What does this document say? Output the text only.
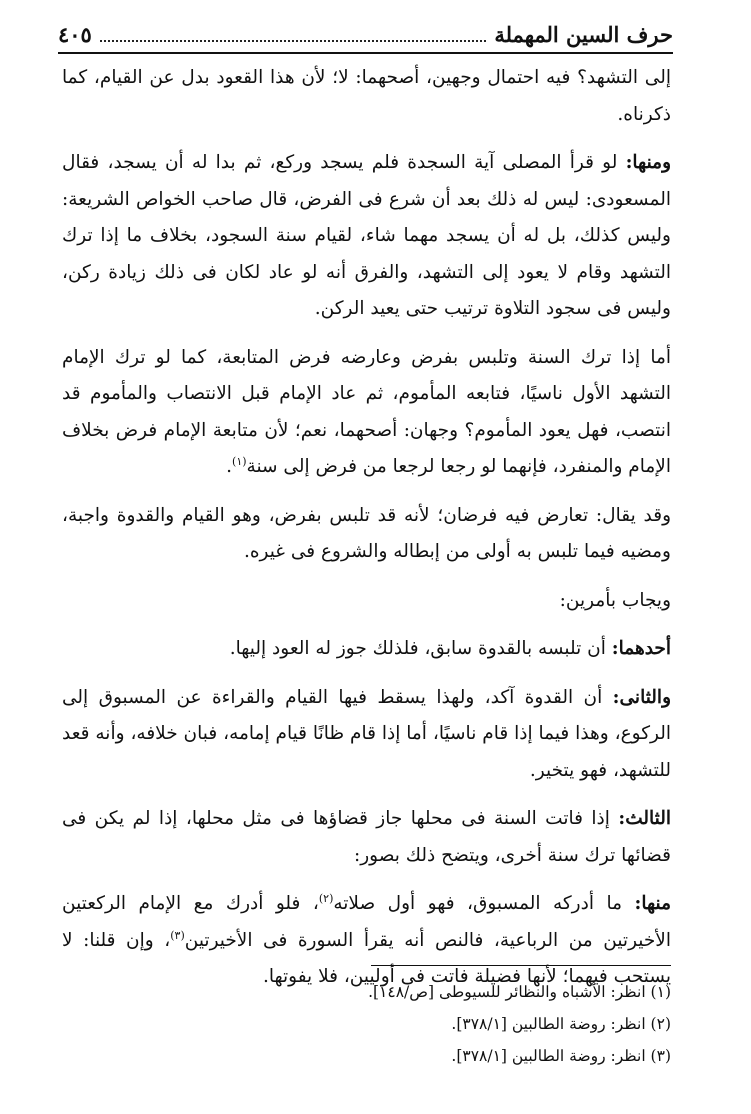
حرف السين المهملة
٤٠٥

إلى التشهد؟ فيه احتمال وجهين، أصحهما: لا؛ لأن هذا القعود بدل عن القيام، كما ذكرناه.

ومنها: لو قرأ المصلى آية السجدة فلم يسجد وركع، ثم بدا له أن يسجد، فقال المسعودى: ليس له ذلك بعد أن شرع فى الفرض، قال صاحب الخواص الشريعة: وليس كذلك، بل له أن يسجد مهما شاء، لقيام سنة السجود، بخلاف ما إذا ترك التشهد وقام لا يعود إلى التشهد، والفرق أنه لو عاد لكان فى ذلك زيادة ركن، وليس فى سجود التلاوة ترتيب حتى يعيد الركن.

أما إذا ترك السنة وتلبس بفرض وعارضه فرض المتابعة، كما لو ترك الإمام التشهد الأول ناسيًا، فتابعه المأموم، ثم عاد الإمام قبل الانتصاب والمأموم قد انتصب، فهل يعود المأموم؟ وجهان: أصحهما، نعم؛ لأن متابعة الإمام فرض بخلاف الإمام والمنفرد، فإنهما لو رجعا لرجعا من فرض إلى سنة$^{(١)}$.

وقد يقال: تعارض فيه فرضان؛ لأنه قد تلبس بفرض، وهو القيام والقدوة واجبة، ومضيه فيما تلبس به أولى من إبطاله والشروع فى غيره.

ويجاب بأمرين:

أحدهما: أن تلبسه بالقدوة سابق، فلذلك جوز له العود إليها.

والثانى: أن القدوة آكد، ولهذا يسقط فيها القيام والقراءة عن المسبوق إلى الركوع، وهذا فيما إذا قام ناسيًا، أما إذا قام ظانًا قيام إمامه، فبان خلافه، وأنه قعد للتشهد، فهو يتخير.

الثالث: إذا فاتت السنة فى محلها جاز قضاؤها فى مثل محلها، إذا لم يكن فى قضائها ترك سنة أخرى، ويتضح ذلك بصور:

منها: ما أدركه المسبوق، فهو أول صلاته$^{(٢)}$، فلو أدرك مع الإمام الركعتين الأخيرتين من الرباعية، فالنص أنه يقرأ السورة فى الأخيرتين$^{(٣)}$، وإن قلنا: لا يستحب فيهما؛ لأنها فضيلة فاتت فى أوليين، فلا يفوتها.

(١) انظر: الأشباه والنظائر للسيوطى [ص/١٤٨].
(٢) انظر: روضة الطالبين [٣٧٨/١].
(٣) انظر: روضة الطالبين [٣٧٨/١].
